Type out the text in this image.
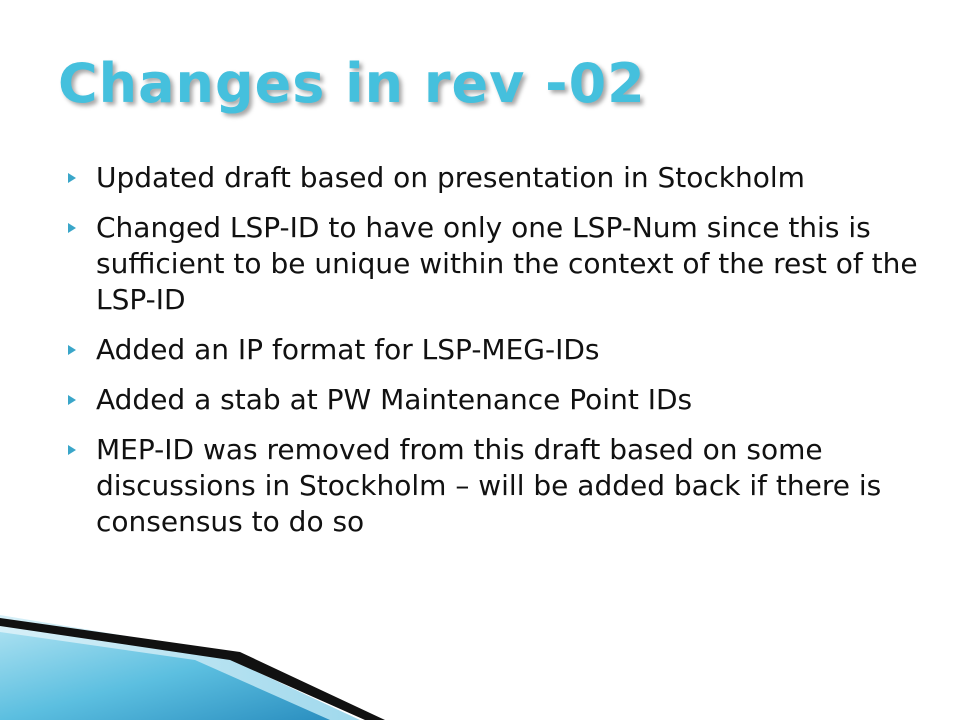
Changes in rev -02
Updated draft based on presentation in Stockholm
Changed LSP-ID to have only one LSP-Num since this is sufficient to be unique within the context of the rest of the LSP-ID
Added an IP format for LSP-MEG-IDs
Added a stab at PW Maintenance Point IDs
MEP-ID was removed from this draft based on some discussions in Stockholm – will be added back if there is consensus to do so
